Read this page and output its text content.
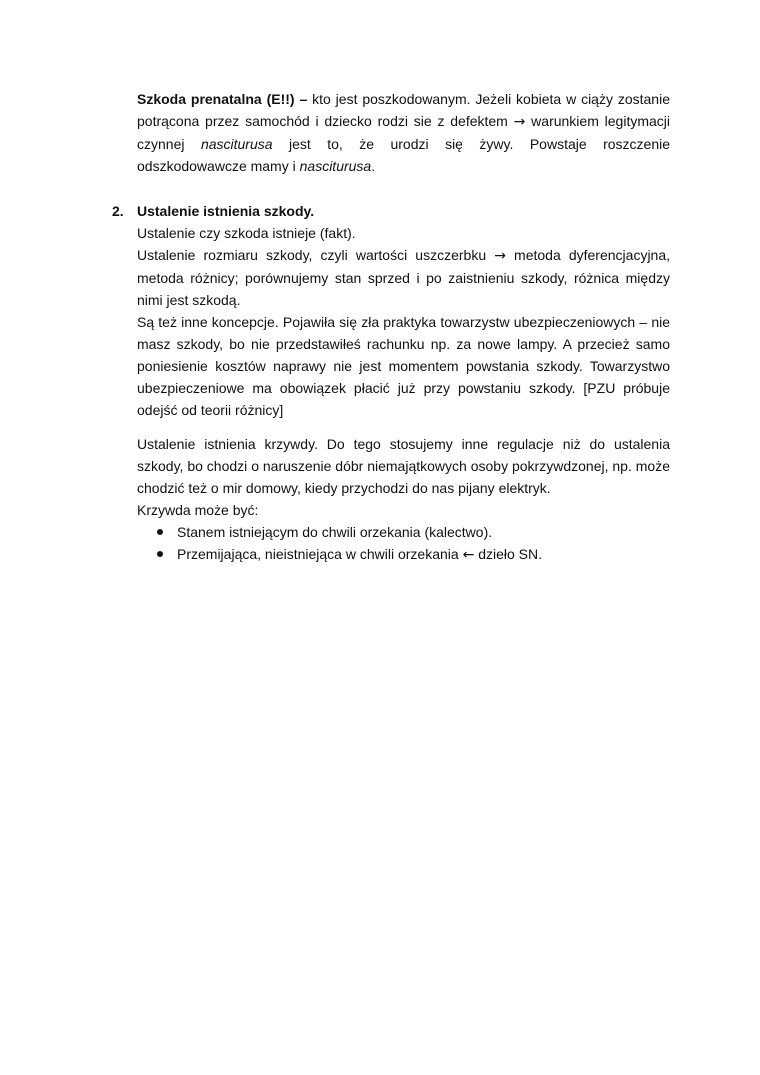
Szkoda prenatalna (E!!) – kto jest poszkodowanym. Jeżeli kobieta w ciąży zostanie potrącona przez samochód i dziecko rodzi sie z defektem → warunkiem legitymacji czynnej nasciturusa jest to, że urodzi się żywy. Powstaje roszczenie odszkodowawcze mamy i nasciturusa.

2. Ustalenie istnienia szkody.

Ustalenie czy szkoda istnieje (fakt).

Ustalenie rozmiaru szkody, czyli wartości uszczerbku → metoda dyferencjacyjna, metoda różnicy; porównujemy stan sprzed i po zaistnieniu szkody, różnica między nimi jest szkodą.

Są też inne koncepcje. Pojawiła się zła praktyka towarzystw ubezpieczeniowych – nie masz szkody, bo nie przedstawiłeś rachunku np. za nowe lampy. A przecież samo poniesienie kosztów naprawy nie jest momentem powstania szkody. Towarzystwo ubezpieczeniowe ma obowiązek płacić już przy powstaniu szkody. [PZU próbuje odejść od teorii różnicy]

Ustalenie istnienia krzywdy. Do tego stosujemy inne regulacje niż do ustalenia szkody, bo chodzi o naruszenie dóbr niemajątkowych osoby pokrzywdzonej, np. może chodzić też o mir domowy, kiedy przychodzi do nas pijany elektryk.

Krzywda może być:

Stanem istniejącym do chwili orzekania (kalectwo).
Przemijająca, nieistniejąca w chwili orzekania ← dzieło SN.
